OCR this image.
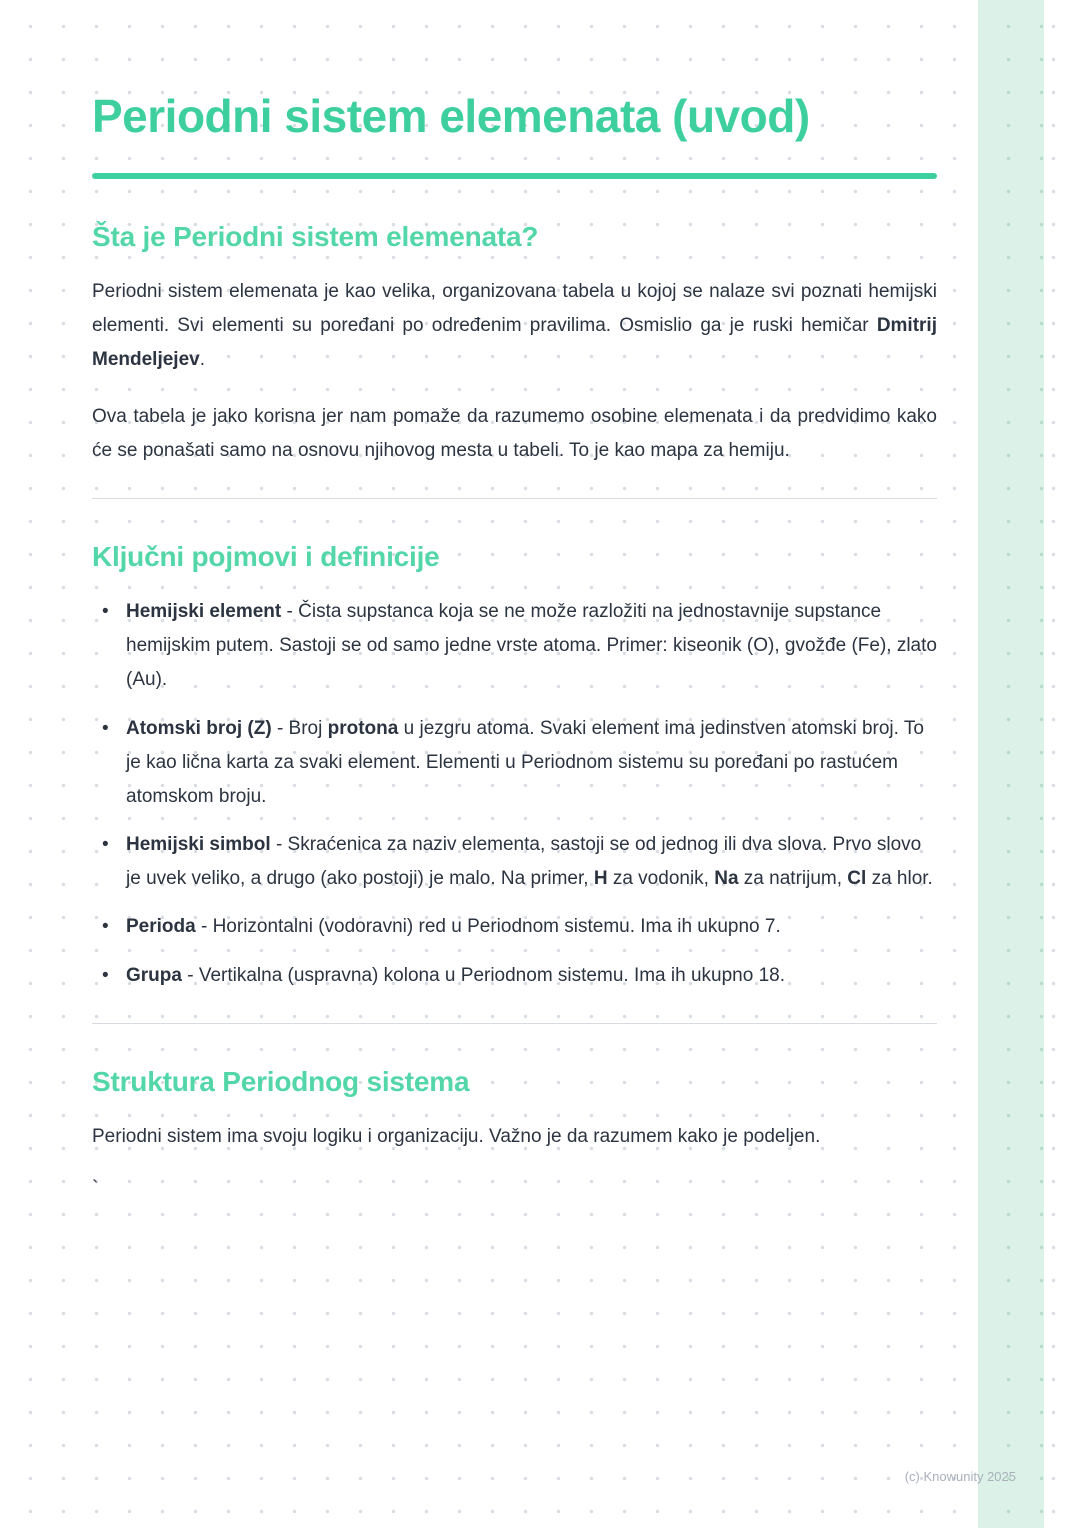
Periodni sistem elemenata (uvod)
Šta je Periodni sistem elemenata?

Periodni sistem elemenata je kao velika, organizovana tabela u kojoj se nalaze svi poznati hemijski elementi. Svi elementi su poređani po određenim pravilima. Osmislio ga je ruski hemičar Dmitrij Mendeljejev.

Ova tabela je jako korisna jer nam pomaže da razumemo osobine elemenata i da predvidimo kako će se ponašati samo na osnovu njihovog mesta u tabeli. To je kao mapa za hemiju.

Ključni pojmovi i definicije
• Hemijski element - Čista supstanca koja se ne može razložiti na jednostavnije supstance hemijskim putem. Sastoji se od samo jedne vrste atoma. Primer: kiseonik (O), gvožđe (Fe), zlato (Au).
• Atomski broj (Z) - Broj protona u jezgru atoma. Svaki element ima jedinstven atomski broj. To je kao lična karta za svaki element. Elementi u Periodnom sistemu su poređani po rastućem atomskom broju.
• Hemijski simbol - Skraćenica za naziv elementa, sastoji se od jednog ili dva slova. Prvo slovo je uvek veliko, a drugo (ako postoji) je malo. Na primer, H za vodonik, Na za natrijum, Cl za hlor.
• Perioda - Horizontalni (vodoravni) red u Periodnom sistemu. Ima ih ukupno 7.
• Grupa - Vertikalna (uspravna) kolona u Periodnom sistemu. Ima ih ukupno 18.
Struktura Periodnog sistema

Periodni sistem ima svoju logiku i organizaciju. Važno je da razumem kako je podeljen.

`
(c) Knowunity 2025
